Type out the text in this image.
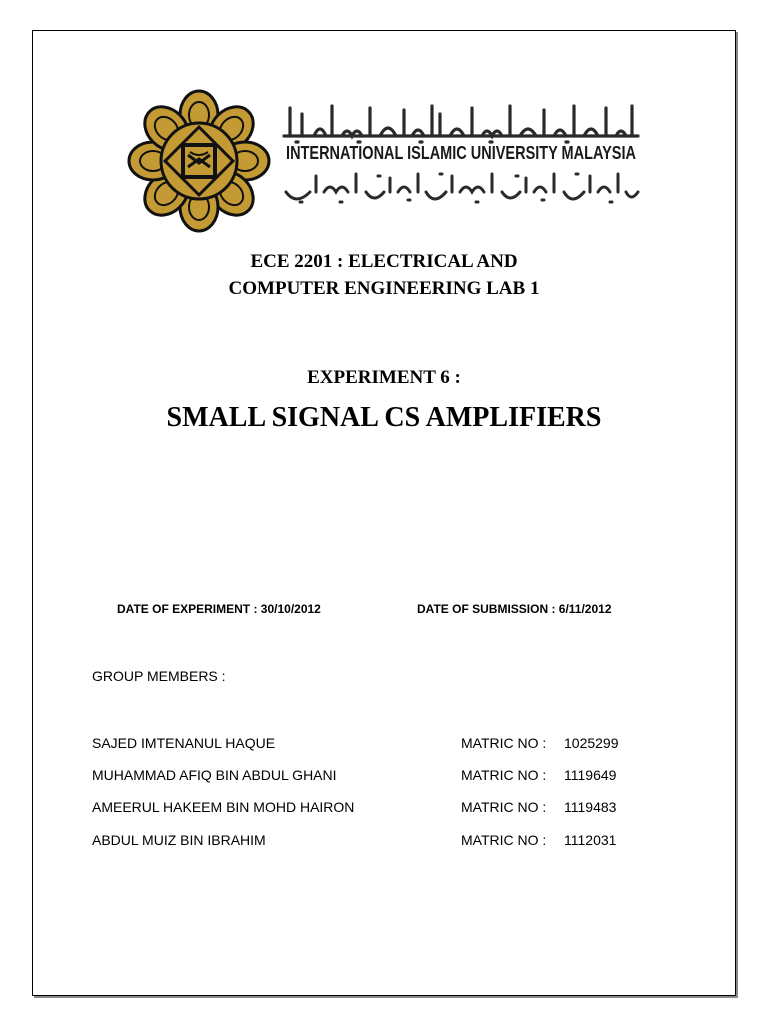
INTERNATIONAL ISLAMIC UNIVERSITY MALAYSIA
ECE 2201 : ELECTRICAL AND
COMPUTER ENGINEERING LAB 1
EXPERIMENT 6 :
SMALL SIGNAL CS AMPLIFIERS
DATE OF EXPERIMENT : 30/10/2012	DATE OF SUBMISSION : 6/11/2012
GROUP MEMBERS :
SAJED IMTENANUL HAQUE	MATRIC NO : 1025299
MUHAMMAD AFIQ BIN ABDUL GHANI	MATRIC NO : 1119649
AMEERUL HAKEEM BIN MOHD HAIRON	MATRIC NO : 1119483
ABDUL MUIZ BIN IBRAHIM	MATRIC NO : 1112031
